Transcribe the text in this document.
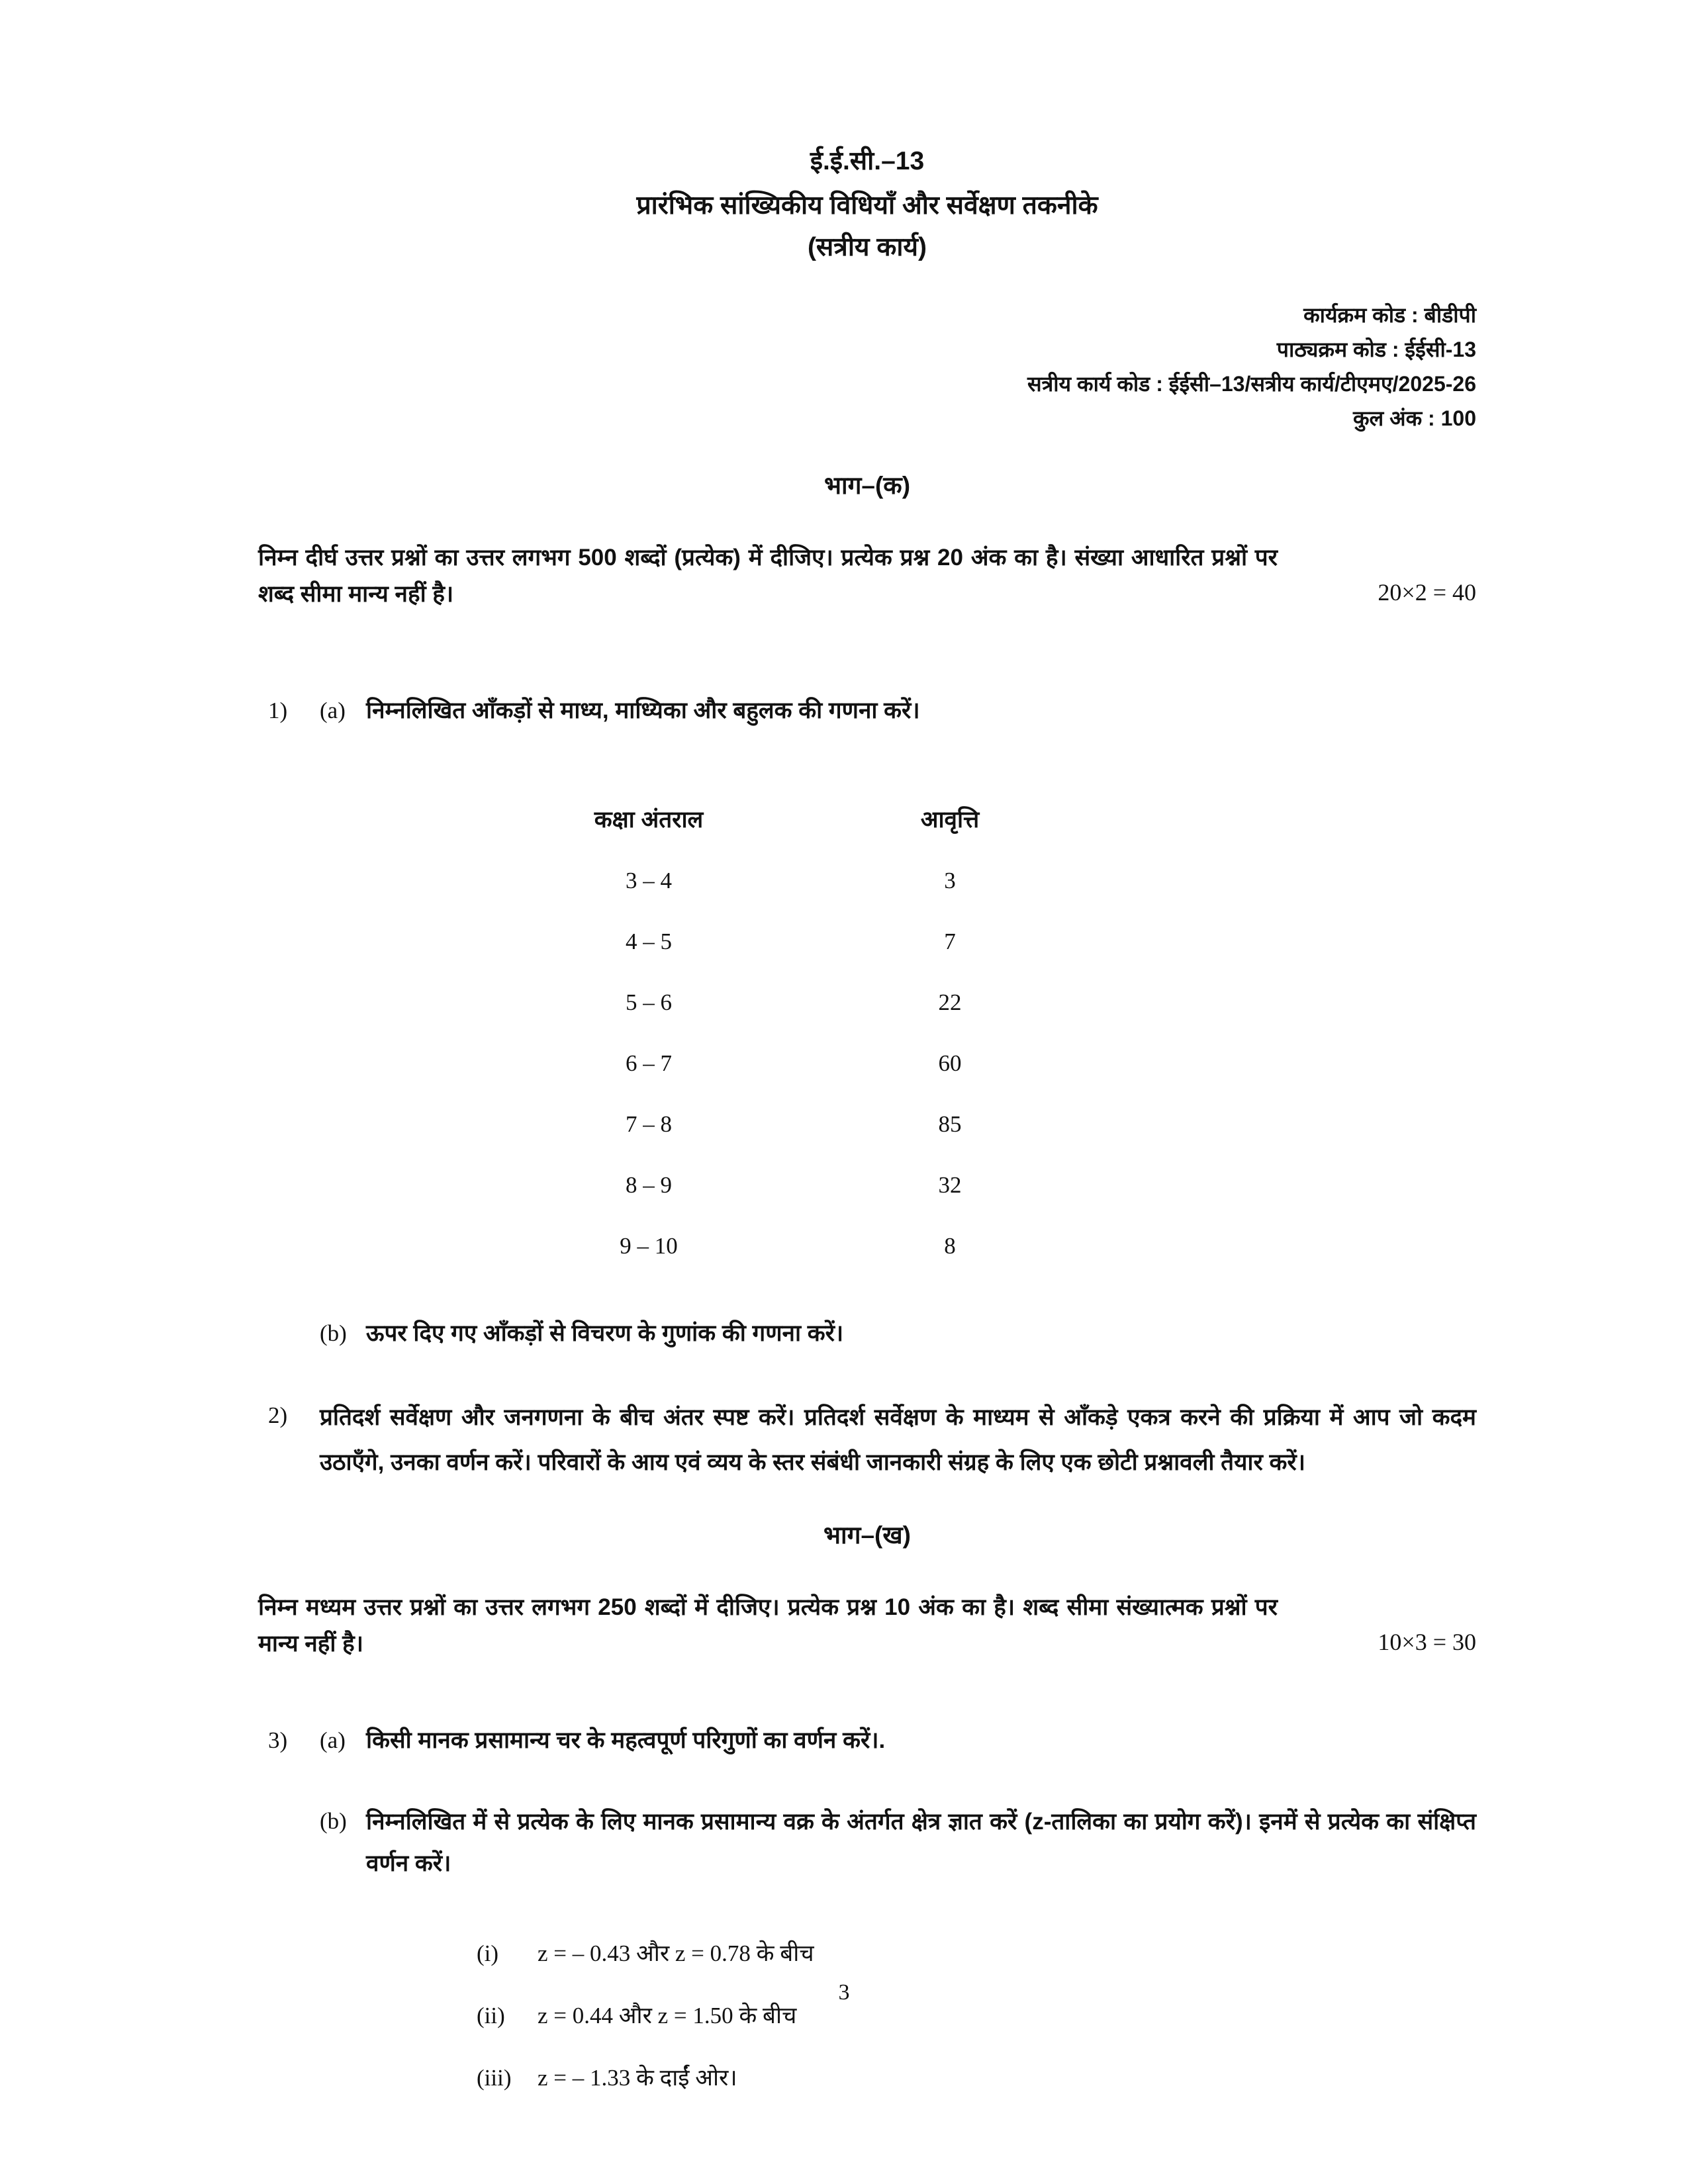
ई.ई.सी.–13
प्रारंभिक सांख्यिकीय विधियाँ और सर्वेक्षण तकनीके
(सत्रीय कार्य)
कार्यक्रम कोड : बीडीपी
पाठ्यक्रम कोड : ईईसी-13
सत्रीय कार्य कोड : ईईसी–13/सत्रीय कार्य/टीएमए/2025-26
कुल अंक : 100
भाग–(क)
निम्न दीर्घ उत्तर प्रश्नों का उत्तर लगभग 500 शब्दों (प्रत्येक) में दीजिए। प्रत्येक प्रश्न 20 अंक का है। संख्या आधारित प्रश्नों पर शब्द सीमा मान्य नहीं है।	20×2 = 40
1)	(a) निम्नलिखित आँकड़ों से माध्य, माध्यिका और बहुलक की गणना करें।
कक्षा अंतराल	आवृत्ति
3 – 4	3
4 – 5	7
5 – 6	22
6 – 7	60
7 – 8	85
8 – 9	32
9 – 10	8
(b) ऊपर दिए गए आँकड़ों से विचरण के गुणांक की गणना करें।
2)	प्रतिदर्श सर्वेक्षण और जनगणना के बीच अंतर स्पष्ट करें। प्रतिदर्श सर्वेक्षण के माध्यम से आँकड़े एकत्र करने की प्रक्रिया में आप जो कदम उठाएँगे, उनका वर्णन करें। परिवारों के आय एवं व्यय के स्तर संबंधी जानकारी संग्रह के लिए एक छोटी प्रश्नावली तैयार करें।
भाग–(ख)
निम्न मध्यम उत्तर प्रश्नों का उत्तर लगभग 250 शब्दों में दीजिए। प्रत्येक प्रश्न 10 अंक का है। शब्द सीमा संख्यात्मक प्रश्नों पर मान्य नहीं है।	10×3 = 30
3)	(a) किसी मानक प्रसामान्य चर के महत्वपूर्ण परिगुणों का वर्णन करें।.
(b) निम्नलिखित में से प्रत्येक के लिए मानक प्रसामान्य वक्र के अंतर्गत क्षेत्र ज्ञात करें (z-तालिका का प्रयोग करें)। इनमें से प्रत्येक का संक्षिप्त वर्णन करें।
(i)	z = – 0.43 और z = 0.78 के बीच
(ii)	z = 0.44 और z = 1.50 के बीच
(iii)	z = – 1.33 के दाईं ओर।
3
